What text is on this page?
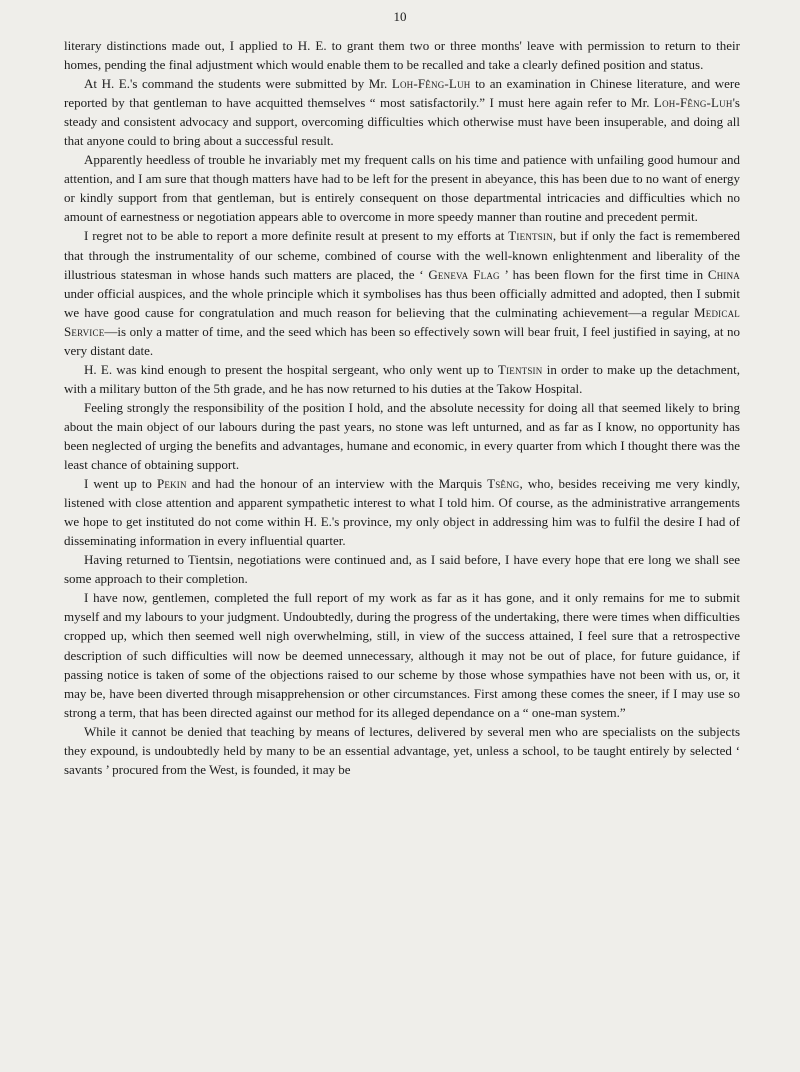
10

literary distinctions made out, I applied to H. E. to grant them two or three months' leave with permission to return to their homes, pending the final adjustment which would enable them to be recalled and take a clearly defined position and status.

At H. E.'s command the students were submitted by Mr. Loh-Fêng-Luh to an examination in Chinese literature, and were reported by that gentleman to have acquitted themselves “ most satisfactorily.” I must here again refer to Mr. Loh-Fêng-Luh's steady and consistent advocacy and support, overcoming difficulties which otherwise must have been insuperable, and doing all that anyone could to bring about a successful result.

Apparently heedless of trouble he invariably met my frequent calls on his time and patience with unfailing good humour and attention, and I am sure that though matters have had to be left for the present in abeyance, this has been due to no want of energy or kindly support from that gentleman, but is entirely consequent on those departmental intricacies and difficulties which no amount of earnestness or negotiation appears able to overcome in more speedy manner than routine and precedent permit.

I regret not to be able to report a more definite result at present to my efforts at Tientsin, but if only the fact is remembered that through the instrumentality of our scheme, combined of course with the well-known enlightenment and liberality of the illustrious statesman in whose hands such matters are placed, the ‘ Geneva Flag ’ has been flown for the first time in China under official auspices, and the whole principle which it symbolises has thus been officially admitted and adopted, then I submit we have good cause for congratulation and much reason for believing that the culminating achievement—a regular Medical Service—is only a matter of time, and the seed which has been so effectively sown will bear fruit, I feel justified in saying, at no very distant date.

H. E. was kind enough to present the hospital sergeant, who only went up to Tientsin in order to make up the detachment, with a military button of the 5th grade, and he has now returned to his duties at the Takow Hospital.

Feeling strongly the responsibility of the position I hold, and the absolute necessity for doing all that seemed likely to bring about the main object of our labours during the past years, no stone was left unturned, and as far as I know, no opportunity has been neglected of urging the benefits and advantages, humane and economic, in every quarter from which I thought there was the least chance of obtaining support.

I went up to Pekin and had the honour of an interview with the Marquis Tsêng, who, besides receiving me very kindly, listened with close attention and apparent sympathetic interest to what I told him. Of course, as the administrative arrangements we hope to get instituted do not come within H. E.'s province, my only object in addressing him was to fulfil the desire I had of disseminating information in every influential quarter.

Having returned to Tientsin, negotiations were continued and, as I said before, I have every hope that ere long we shall see some approach to their completion.

I have now, gentlemen, completed the full report of my work as far as it has gone, and it only remains for me to submit myself and my labours to your judgment. Undoubtedly, during the progress of the undertaking, there were times when difficulties cropped up, which then seemed well nigh overwhelming, still, in view of the success attained, I feel sure that a retrospective description of such difficulties will now be deemed unnecessary, although it may not be out of place, for future guidance, if passing notice is taken of some of the objections raised to our scheme by those whose sympathies have not been with us, or, it may be, have been diverted through misapprehension or other circumstances. First among these comes the sneer, if I may use so strong a term, that has been directed against our method for its alleged dependance on a “ one-man system.”

While it cannot be denied that teaching by means of lectures, delivered by several men who are specialists on the subjects they expound, is undoubtedly held by many to be an essential advantage, yet, unless a school, to be taught entirely by selected ‘ savants ’ procured from the West, is founded, it may be
